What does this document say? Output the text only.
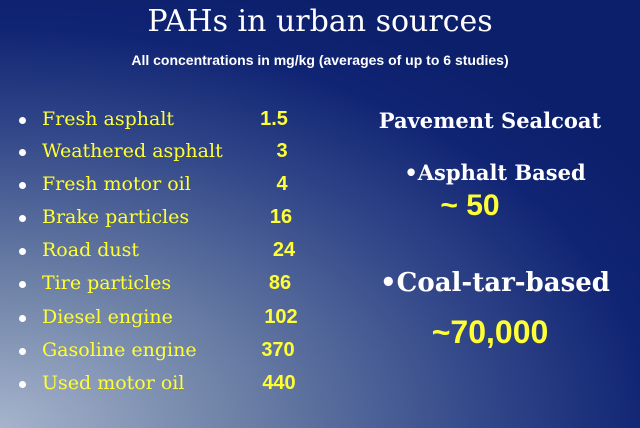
PAHs in urban sources
All concentrations in mg/kg (averages of up to 6 studies)
Fresh asphalt	1.5
Weathered asphalt	3
Fresh motor oil	4
Brake particles	16
Road dust	24
Tire particles	86
Diesel engine	102
Gasoline engine	370
Used motor oil	440
Pavement Sealcoat
•Asphalt Based
~ 50
•Coal-tar-based
~70,000
